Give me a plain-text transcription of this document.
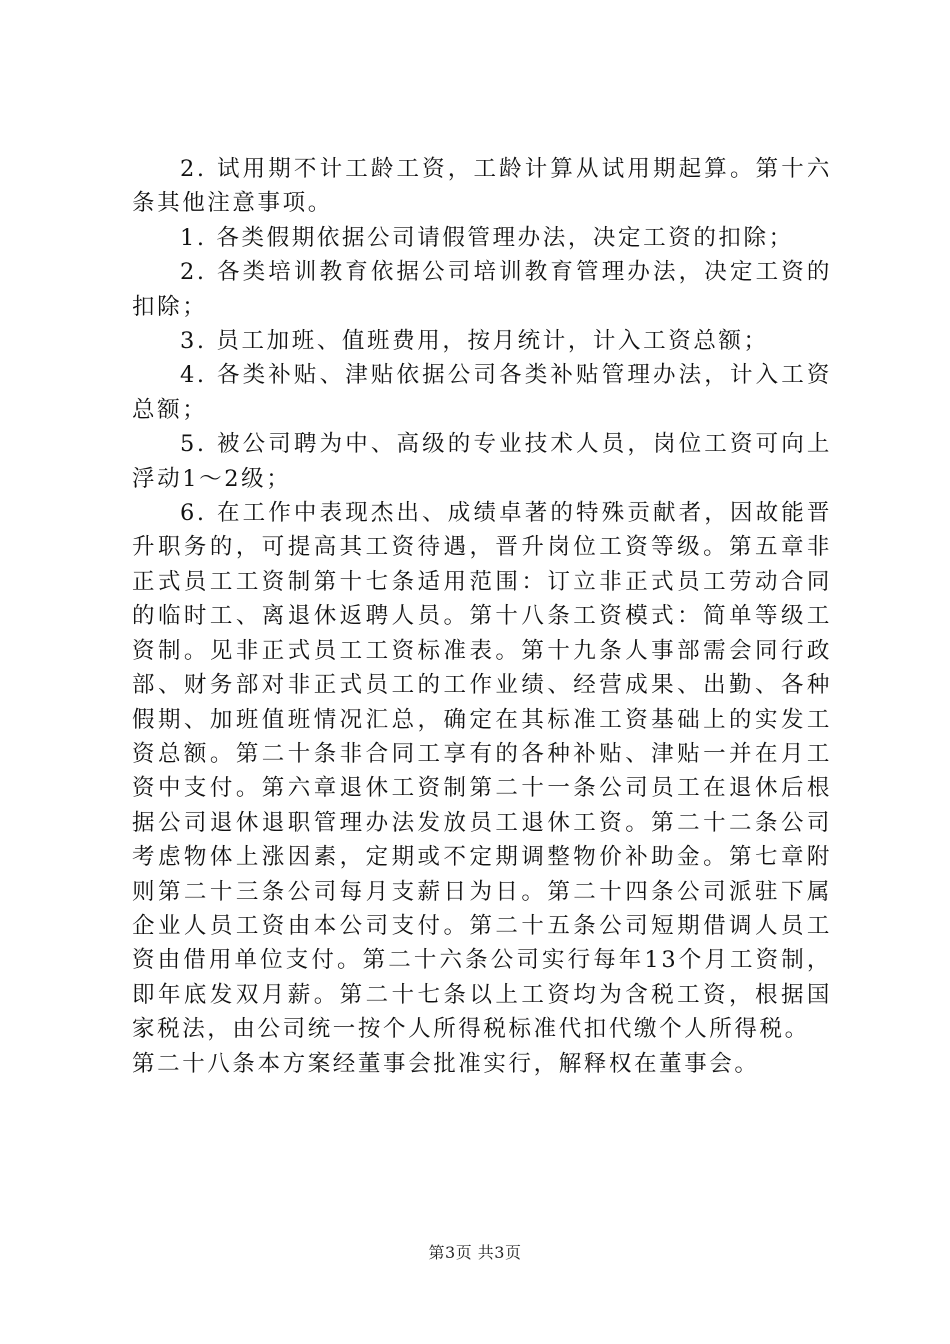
2. 试用期不计工龄工资，工龄计算从试用期起算。第十六条其他注意事项。

1. 各类假期依据公司请假管理办法，决定工资的扣除；

2. 各类培训教育依据公司培训教育管理办法，决定工资的扣除；

3. 员工加班、值班费用，按月统计，计入工资总额；

4. 各类补贴、津贴依据公司各类补贴管理办法，计入工资总额；

5. 被公司聘为中、高级的专业技术人员，岗位工资可向上浮动1～2级；

6. 在工作中表现杰出、成绩卓著的特殊贡献者，因故能晋升职务的，可提高其工资待遇，晋升岗位工资等级。第五章非正式员工工资制第十七条适用范围：订立非正式员工劳动合同的临时工、离退休返聘人员。第十八条工资模式：简单等级工资制。见非正式员工工资标准表。第十九条人事部需会同行政部、财务部对非正式员工的工作业绩、经营成果、出勤、各种假期、加班值班情况汇总，确定在其标准工资基础上的实发工资总额。第二十条非合同工享有的各种补贴、津贴一并在月工资中支付。第六章退休工资制第二十一条公司员工在退休后根据公司退休退职管理办法发放员工退休工资。第二十二条公司考虑物体上涨因素，定期或不定期调整物价补助金。第七章附则第二十三条公司每月支薪日为日。第二十四条公司派驻下属企业人员工资由本公司支付。第二十五条公司短期借调人员工资由借用单位支付。第二十六条公司实行每年13个月工资制，即年底发双月薪。第二十七条以上工资均为含税工资，根据国家税法，由公司统一按个人所得税标准代扣代缴个人所得税。

第二十八条本方案经董事会批准实行，解释权在董事会。

第3页 共3页
